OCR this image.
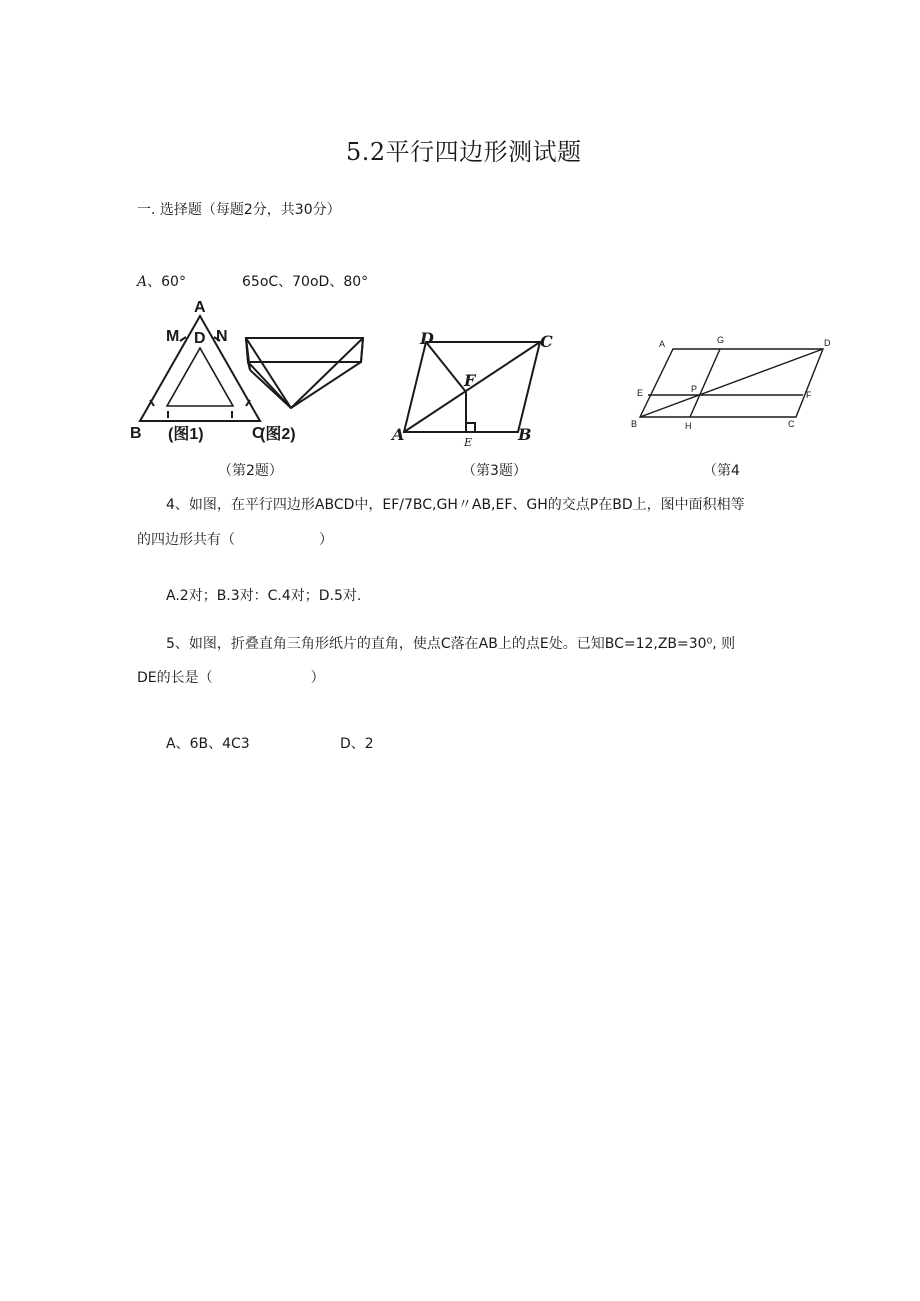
5.2平行四边形测试题
一. 选择题（每题2分，共30分）
A、60°	65oC、70oD、80°
A
M D N
B	C
(图1)	(图2)
D	C
F
A	E	B
A	G	D
E	P
F
B	H	C
（第2题）	（第3题）	（第4
4、如图，在平行四边形ABCD中，EF/7BC,GH〃AB,EF、GH的交点P在BD上，图中面积相等
的四边形共有（　　　　　　）
A.2对；B.3对：C.4对；D.5对.
5、如图，折叠直角三角形纸片的直角，使点C落在AB上的点E处。已知BC=12,ZB=30⁰, 则
DE的长是（　　　　　　　）
A、6B、4C3	D、2
